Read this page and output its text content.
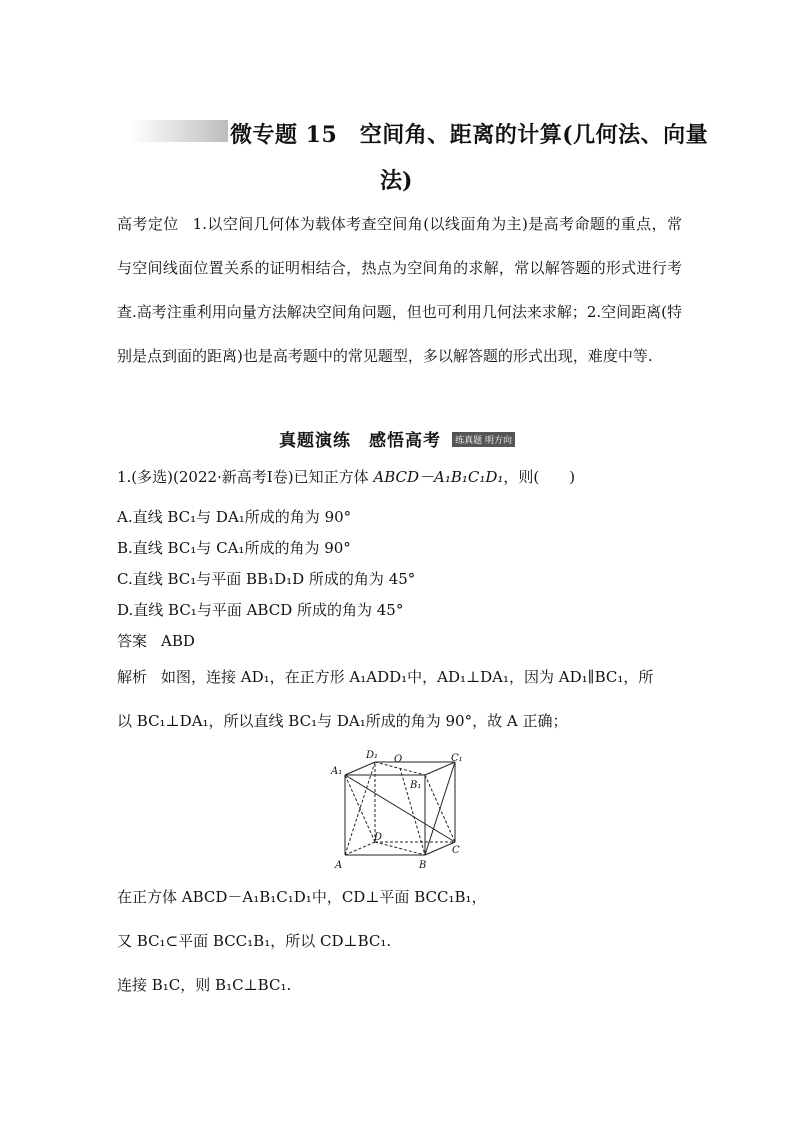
微专题 15　空间角、距离的计算(几何法、向量
法)
高考定位 1.以空间几何体为载体考查空间角(以线面角为主)是高考命题的重点，常与空间线面位置关系的证明相结合，热点为空间角的求解，常以解答题的形式进行考查.高考注重利用向量方法解决空间角问题，但也可利用几何法来求解；2.空间距离(特别是点到面的距离)也是高考题中的常见题型，多以解答题的形式出现，难度中等.
真题演练　感悟高考 练真题 明方向
1.(多选)(2022·新高考Ⅰ卷)已知正方体 ABCD－A₁B₁C₁D₁，则(　　)
A.直线 BC₁与 DA₁所成的角为 90°
B.直线 BC₁与 CA₁所成的角为 90°
C.直线 BC₁与平面 BB₁D₁D 所成的角为 45°
D.直线 BC₁与平面 ABCD 所成的角为 45°
答案 ABD
解析 如图，连接 AD₁，在正方形 A₁ADD₁中，AD₁⊥DA₁，因为 AD₁∥BC₁，所
以 BC₁⊥DA₁，所以直线 BC₁与 DA₁所成的角为 90°，故 A 正确；
A₁
D₁ O	C₁
B₁
D
A	B
C
在正方体 ABCD－A₁B₁C₁D₁中，CD⊥平面 BCC₁B₁，
又 BC₁⊂平面 BCC₁B₁，所以 CD⊥BC₁.
连接 B₁C，则 B₁C⊥BC₁.
